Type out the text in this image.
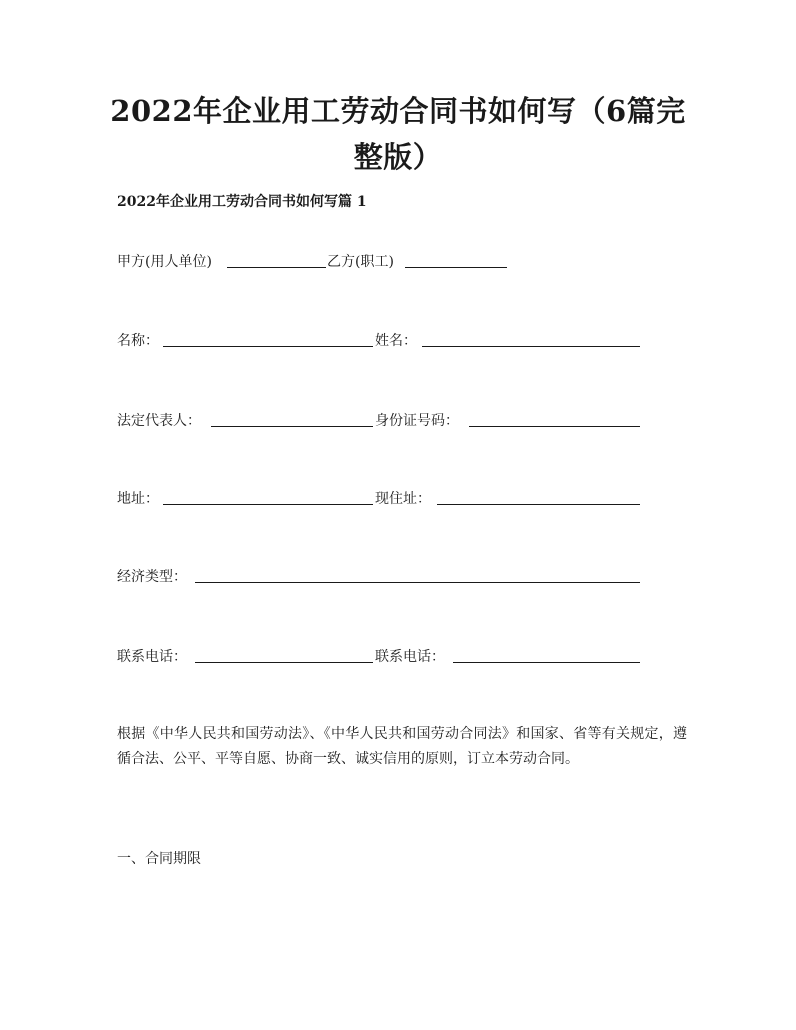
2022年企业用工劳动合同书如何写（6篇完
整版）
2022年企业用工劳动合同书如何写篇 1
甲方(用人单位)	乙方(职工)
名称：	姓名：
法定代表人：	身份证号码：
地址：	现住址：
经济类型：
联系电话：	联系电话：
根据《中华人民共和国劳动法》、《中华人民共和国劳动合同法》和国家、省等有关规定，遵循合法、公平、平等自愿、协商一致、诚实信用的原则，订立本劳动合同。
一、合同期限
